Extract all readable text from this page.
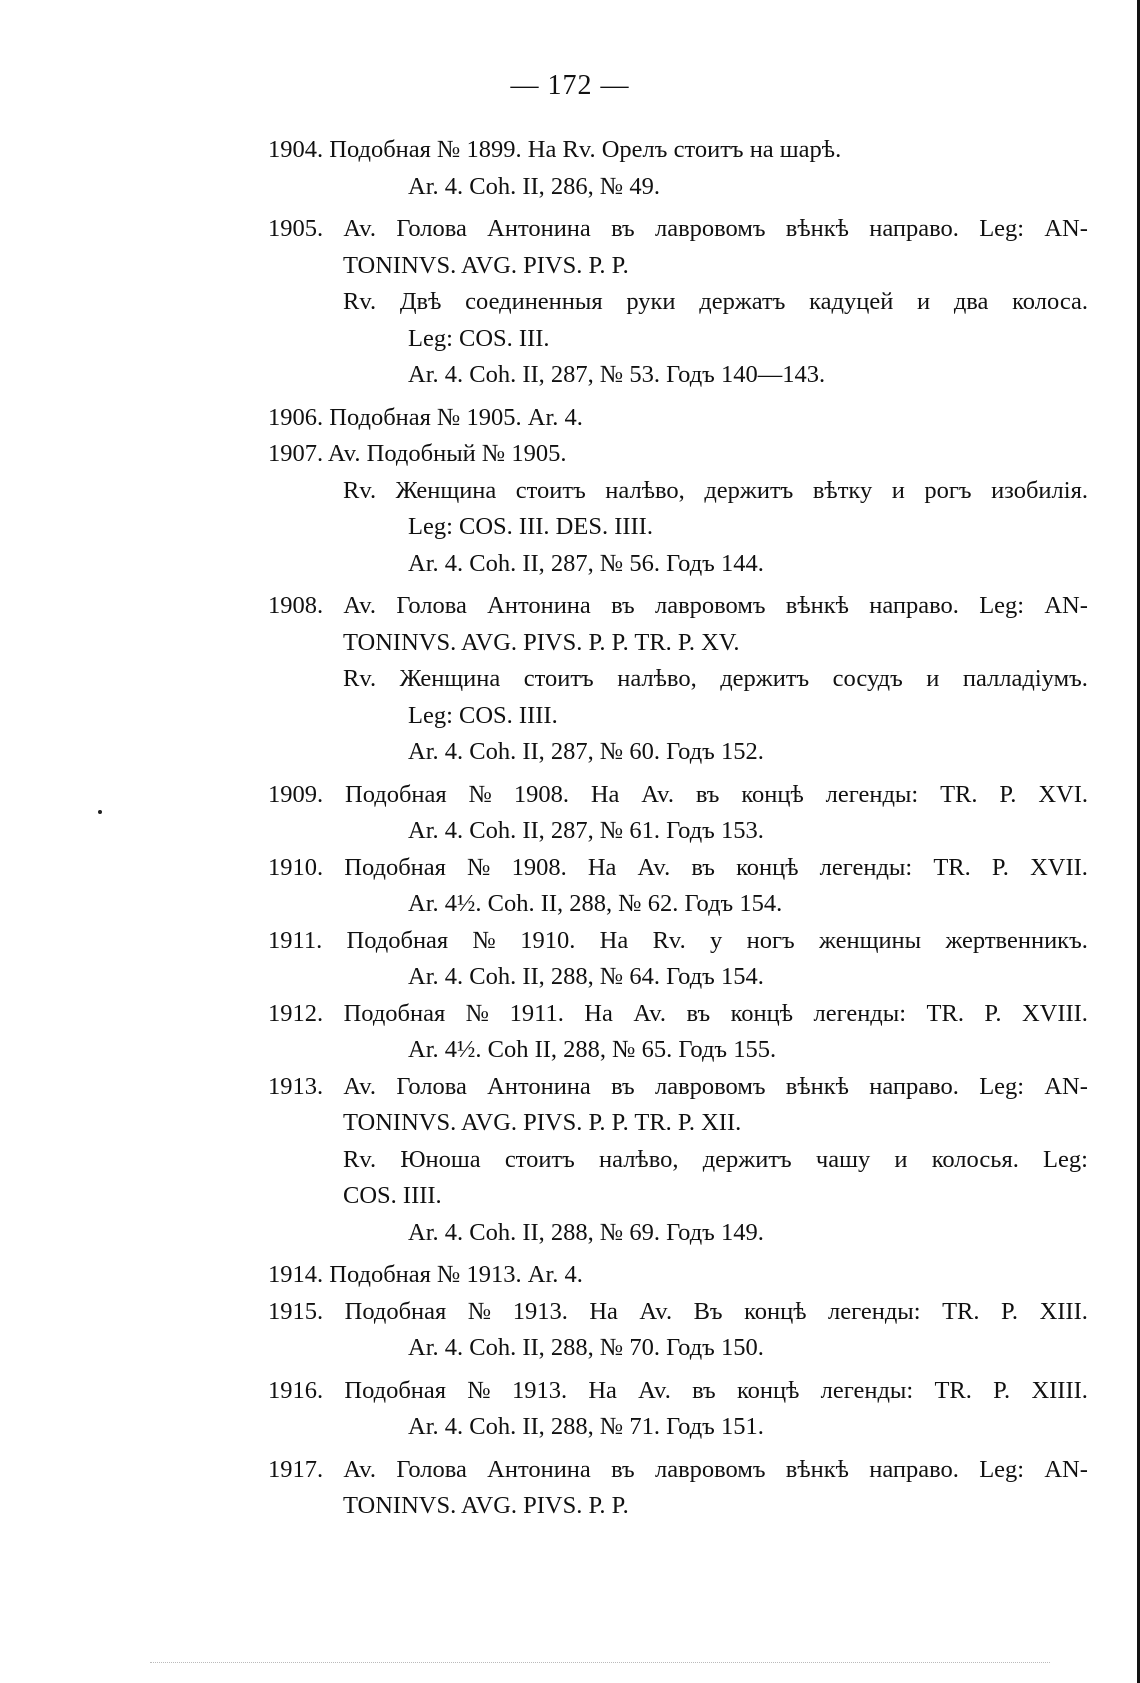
— 172 —
1904. Подобная № 1899. На Rv. Орелъ стоитъ на шарѣ.
Ar. 4. Coh. II, 286, № 49.
1905. Av. Голова Антонина въ лавровомъ вѣнкѣ направо. Leg: AN-
TONINVS. AVG. PIVS. P. P.
Rv. Двѣ соединенныя руки держатъ кадуцей и два колоса.
Leg: COS. III.
Ar. 4. Coh. II, 287, № 53. Годъ 140—143.
1906. Подобная № 1905. Ar. 4.
1907. Av. Подобный № 1905.
Rv. Женщина стоитъ налѣво, держитъ вѣтку и рогъ изобилія.
Leg: COS. III. DES. IIII.
Ar. 4. Coh. II, 287, № 56. Годъ 144.
1908. Av. Голова Антонина въ лавровомъ вѣнкѣ направо. Leg: AN-
TONINVS. AVG. PIVS. P. P. TR. P. XV.
Rv. Женщина стоитъ налѣво, держитъ сосудъ и палладіумъ.
Leg: COS. IIII.
Ar. 4. Coh. II, 287, № 60. Годъ 152.
1909. Подобная № 1908. На Av. въ концѣ легенды: TR. P. XVI.
Ar. 4. Coh. II, 287, № 61. Годъ 153.
1910. Подобная № 1908. На Av. въ концѣ легенды: TR. P. XVII.
Ar. 4½. Coh. II, 288, № 62. Годъ 154.
1911. Подобная № 1910. На Rv. у ногъ женщины жертвенникъ.
Ar. 4. Coh. II, 288, № 64. Годъ 154.
1912. Подобная № 1911. На Av. въ концѣ легенды: TR. P. XVIII.
Ar. 4½. Coh II, 288, № 65. Годъ 155.
1913. Av. Голова Антонина въ лавровомъ вѣнкѣ направо. Leg: AN-
TONINVS. AVG. PIVS. P. P. TR. P. XII.
Rv. Юноша стоитъ налѣво, держитъ чашу и колосья. Leg:
COS. IIII.
Ar. 4. Coh. II, 288, № 69. Годъ 149.
1914. Подобная № 1913. Ar. 4.
1915. Подобная № 1913. На Av. Въ концѣ легенды: TR. P. XIII.
Ar. 4. Coh. II, 288, № 70. Годъ 150.
1916. Подобная № 1913. На Av. въ концѣ легенды: TR. P. XIIII.
Ar. 4. Coh. II, 288, № 71. Годъ 151.
1917. Av. Голова Антонина въ лавровомъ вѣнкѣ направо. Leg: AN-
TONINVS. AVG. PIVS. P. P.
